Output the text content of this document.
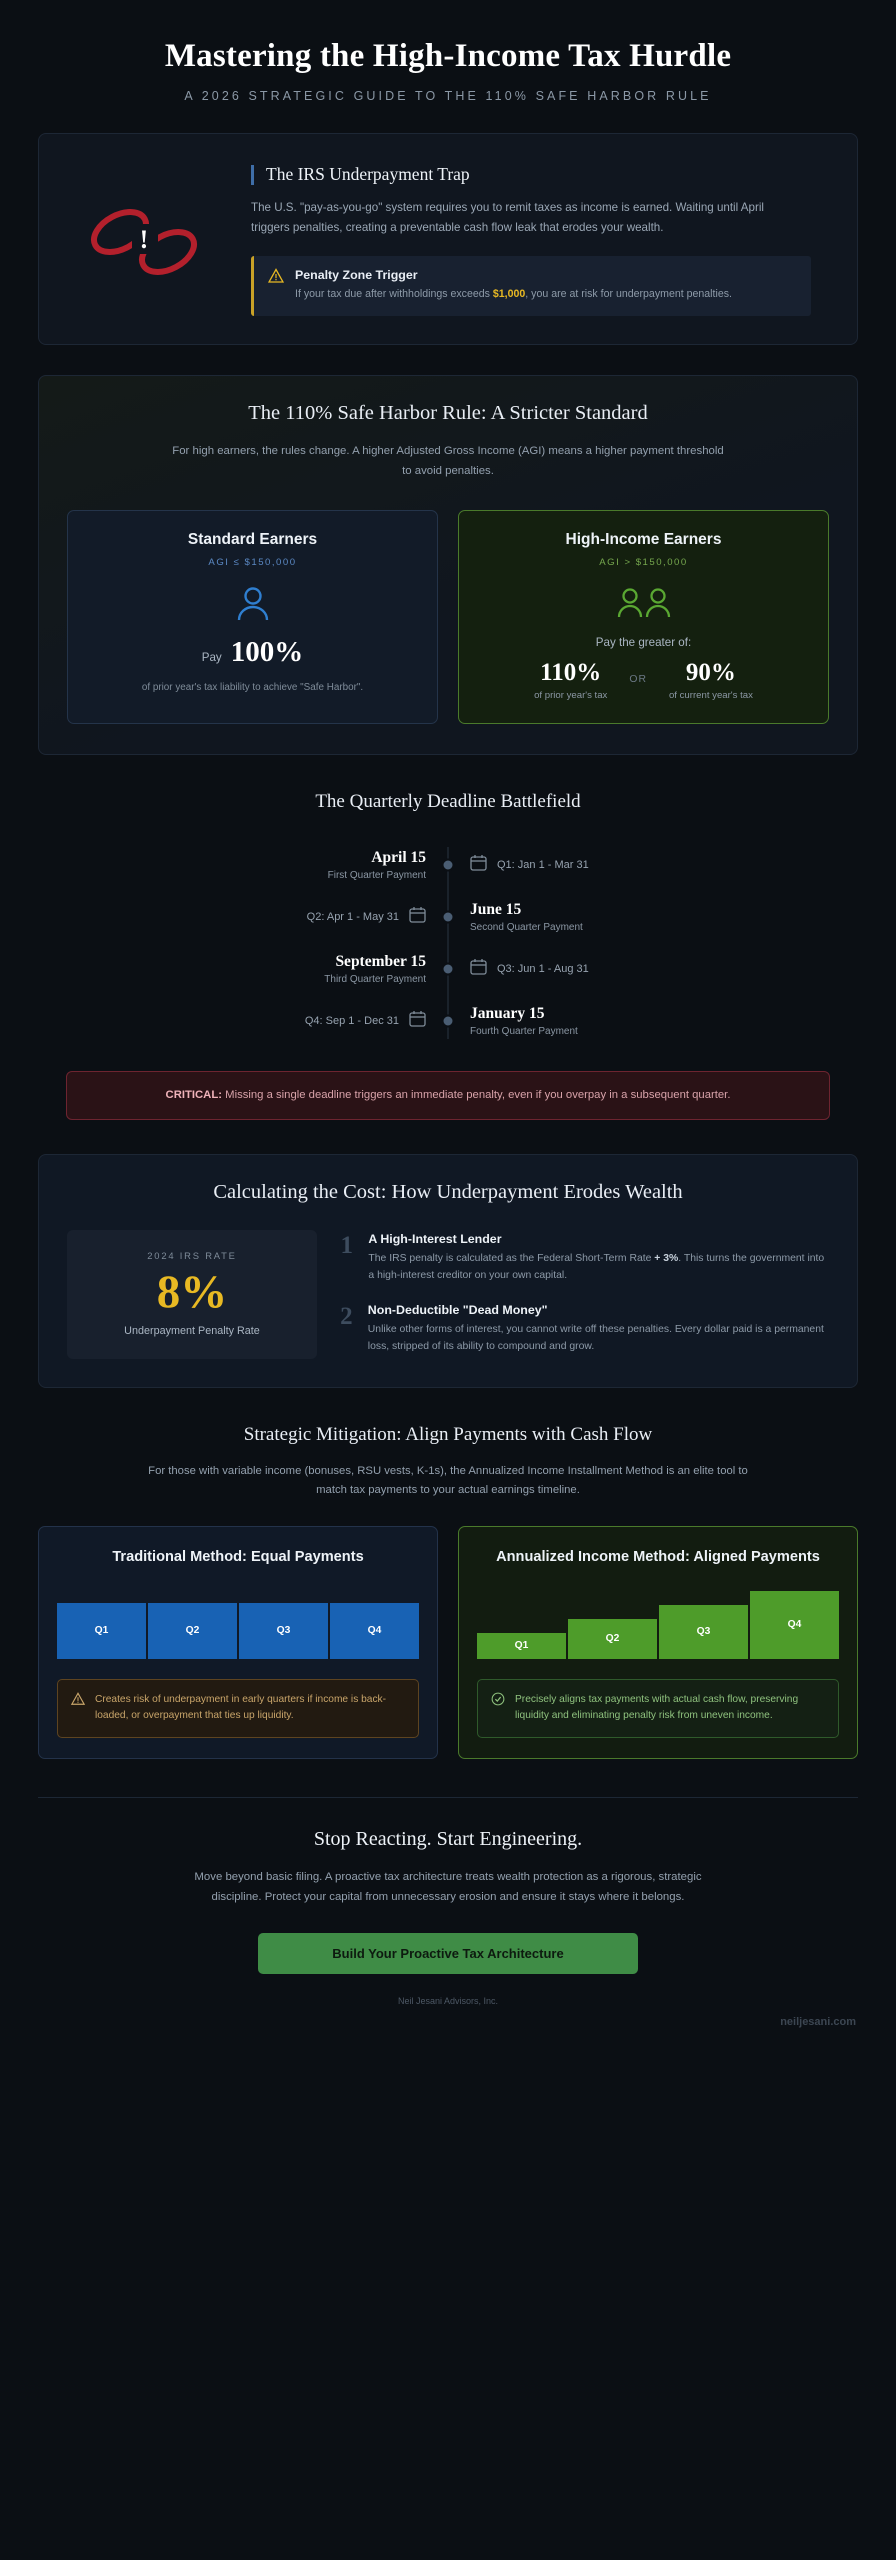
Mastering the High-Income Tax Hurdle
A 2026 STRATEGIC GUIDE TO THE 110% SAFE HARBOR RULE
!
The IRS Underpayment Trap
The U.S. "pay-as-you-go" system requires you to remit taxes as income is earned. Waiting until April triggers penalties, creating a preventable cash flow leak that erodes your wealth.
Penalty Zone Trigger
If your tax due after withholdings exceeds $1,000, you are at risk for underpayment penalties.
The 110% Safe Harbor Rule: A Stricter Standard
For high earners, the rules change. A higher Adjusted Gross Income (AGI) means a higher payment threshold to avoid penalties.
Standard Earners
AGI ≤ $150,000
Pay 100%
of prior year's tax liability to achieve "Safe Harbor".
High-Income Earners
AGI > $150,000
Pay the greater of:
110%
of prior year's tax
OR	90%
of current year's tax
The Quarterly Deadline Battlefield
April 15
First Quarter Payment
Q1: Jan 1 - Mar 31
Q2: Apr 1 - May 31	June 15
Second Quarter Payment
September 15
Third Quarter Payment
Q3: Jun 1 - Aug 31
Q4: Sep 1 - Dec 31	January 15
Fourth Quarter Payment
CRITICAL: Missing a single deadline triggers an immediate penalty, even if you overpay in a subsequent quarter.
Calculating the Cost: How Underpayment Erodes Wealth
2024 IRS RATE
8%
Underpayment Penalty Rate
1 A High-Interest Lender

The IRS penalty is calculated as the Federal Short-Term Rate + 3%. This turns the government into a high-interest creditor on your own capital.

2 Non-Deductible "Dead Money"

Unlike other forms of interest, you cannot write off these penalties. Every dollar paid is a permanent loss, stripped of its ability to compound and grow.

Strategic Mitigation: Align Payments with Cash Flow
For those with variable income (bonuses, RSU vests, K-1s), the Annualized Income Installment Method is an elite tool to match tax payments to your actual earnings timeline.
Traditional Method: Equal Payments
Q1	Q2	Q3	Q4
Creates risk of underpayment in early quarters if income is back-loaded, or overpayment that ties up liquidity.
Annualized Income Method: Aligned Payments
Q1
Q2
Q3
Q4
Precisely aligns tax payments with actual cash flow, preserving liquidity and eliminating penalty risk from uneven income.
Stop Reacting. Start Engineering.

Move beyond basic filing. A proactive tax architecture treats wealth protection as a rigorous, strategic discipline. Protect your capital from unnecessary erosion and ensure it stays where it belongs.

Build Your Proactive Tax Architecture
Neil Jesani Advisors, Inc.
neiljesani.com
